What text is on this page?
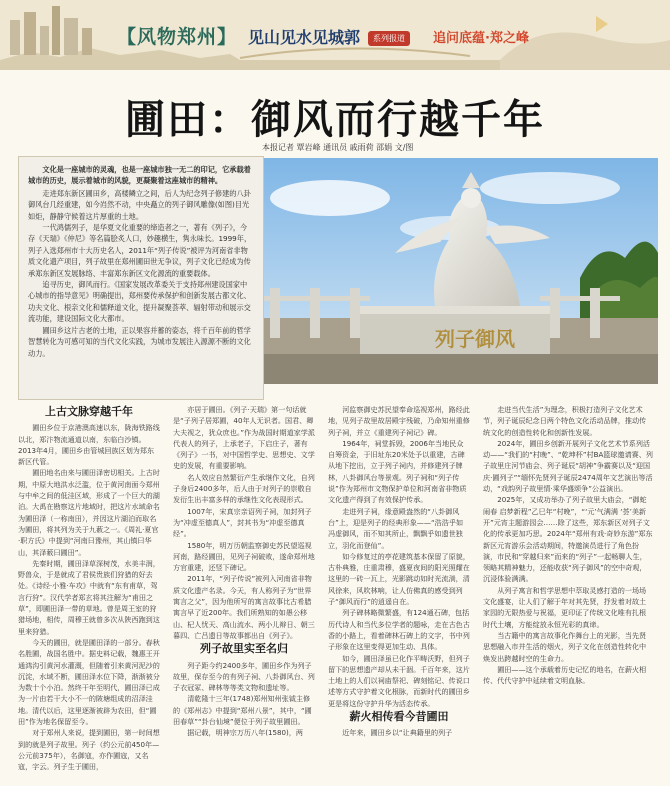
【风物郑州】 见山见水见城郭	系列报道	追问底蕴·郑之峰
圃田：御风而行越千年
本报记者 覃岩峰 通讯员 戚雨荷 邵娟 文/图
列子御风

文化是一座城市的灵魂，也是一座城市独一无二的印记，它承载着城市的历史，展示着城市的风貌，更凝聚着这座城市的精神。

走进郑东新区圃田乡，高楼鳞立之间，后人为纪念列子修建的八卦御风台几经重建，如今岿然不动，中央矗立的列子御风雕像(如图)目光如炬，静静守候着这片厚重的土地。

一代鸿儒列子，是华夏文化重要的缔造者之一，著有《列子》，今存《天瑞》《仲尼》等名篇脍炙人口，妙趣横生，隽永味长。1999年，列子入选郑州市十大历史名人，2011年“列子传说”被评为河南省非物质文化遗产项目，列子故里在郑州圃田世无争议，列子文化已经成为传承郑东新区发展脉络、丰富郑东新区文化源流的重要载体。

追寻历史，御风而行。《国家发展改革委关于支持郑州建设国家中心城市的指导意见》明确提出，郑州要传承保护和创新发展古都文化、功夫文化、根亲文化和儒释道文化，提升凝聚荟萃、辐射带动和展示交流功能，建设国际文化大都市。

圃田乡这片古老的土地，正以果容并蓄的姿态，将千百年前的哲学智慧转化为可感可知的当代文化实践，为城市发展注入源源不断的文化动力。

上古文脉穿越千年

圃田乡位于京港澳高速以东，陇海铁路线以北，郑汴物流通道以南，东临白沙镇。2013年4月，圃田乡由管城回族区划为郑东新区代管。

圃田地名由来与圃田泽密切相关。上古时期，中原大地洪水泛滥，位于黄河南面今郑州与中牟之间的低洼区域，形成了一个巨大的湖泊。大禹在勘察这片地域时，把这片水域命名为圃田泽（一称南田），并因这片湖泊而取名为圃田，将其列为关于九薮之一。《周礼·夏官·职方氏》中提到“河南曰豫州，其山镇曰华山，其泽薮曰圃田”。

先秦时期，圃田泽草深树茂，水美丰润，野兽众，于是就成了君侯贵族们狩猎的好去处。《诗经·小雅·车攻》中就有“东有甫草，驾言行狩”。汉代学者郑玄将其注解为“甫田之草”，即圃田泽一带的草地。曾是周王室的狩猎场地，相传，周穆王就曾多次从陕西跑到这里来狩猎。

今天的圃田，就是圃田泽的一部分。春秋名胜圃，战国名胜中。据史料记载，魏惠王开通鸿沟引黄河水灌溉，但随着引来黄河泥沙的沉淀，水域不断，圃田泽水位下降，渐渐被分为数十个小泊。然终干年至明代，圃田泽已成为一片由若干大小不一的陂塘组成的沼泽洼地。清代以后，这里逐渐被辟为农田，但“圃田”作为地名保留至今。

对于郑州人来说，提到圃田，第一时间想到的就是列子故里。列子（约公元前450年—公元前375年），名御寇，亦作圃寇，又名寇，字云。列子生于圃田，

亦居于圃田。《列子·天瑞》第一句话就是“子列子居郑圃，40年人无识者。国君、卿大夫视之，犹众庶也。”作为战国时期道家学派代表人的列子，上承老子，下启庄子，著有《列子》一书，对中国哲学史、思想史、文学史的发展，有重要影响。

名人效应自然繁衍产生承继作文化，自列子身后2400多年，后人由于对列子的崇敬自发衍生出丰富多样的承继性文化表现形式。

1007年，宋真宗亲诏列子祠，加封列子为“冲虚至德真人”，封其书为“冲虚至德真经”。

1580年，明万历朝监察御史苏民望巡视河南，路经圃田，见列子祠破败，遂命郑州地方官重建，还竖下碑记。

2011年，“列子传说”被列入河南省非物质文化遗产名录。今天，有人称列子为“世界寓言之父”，因为他所写的寓言故事比古希腊寓言早了近200年。我们所熟知的如愚公移山、杞人忧天、高山流水、两小儿辩日、朝三暮四、亡吕遗日等故事都出自《列子》。

列子故里实至名归

列子距今约2400多年，圃田乡作为列子故里，保存至今的有列子祠、八卦御风台、列子衣冠冢、碑林等等类文物和遗址等。

清乾隆十三年(1748)郑州知州张钺主修的《郑州志》中提到“郑州八景”，其中，“圃田春草”“卦台仙境”便位于列子故里圃田。

据记载，明神宗万历八年(1580)，两

河监察御史苏民望奉命巡视郑州，路经此地，见列子故里故居殿宇残破，乃命知州重修列子祠，并立《重建列子祠记》碑。

1964年，祠堂拆毁，2006年当地民众自筹资金，于旧址东20米处予以重建，古碑从地下挖出，立于列子祠内，并修建列子牌林，八卦御风台等景观。列子祠和“列子传说”作为郑州市文物保护单位和河南省非物质文化遗产得到了有效保护传承。

走进列子祠，缘意殿盎然的“八卦御风台”上，迎是列子的经典形象——“浩浩乎如冯虚御风，而不知其所止，飘飘乎如遗世独立，羽化而登仙”。

如今修复过的亭花建筑基本保留了原貌，古朴典雅，庄重肃穆，盛夏夜间的阳光照耀在这里的一砖一瓦上，光影跳动如时光流淌，清风徐来，风吹林响，让人仿佛真的感受到列子“御风而行”的逍遥自在。

列子碑林略微繁盛，有124通石碑，包括历代诗人和当代多位学者的题咏，走在古色古香的小路上，看着碑林石碑上的文字，书中列子形象在这里变得更加生动、具体。

如今，圃田泽虽已化作平畴沃野，但列子留下的思想遗产却从未干涸。千百年来，这片土地上的人们以祠庙祭祀、碑刻铭记、传说口述等方式守护着文化根脉，而新时代的圃田乡更是将这份守护升华为活态传承。

薪火相传看今昔圃田

近年来，圃田乡以“让典籍里的列子

走进当代生活”为理念，积极打造列子文化艺术节，列子诞辰纪念日两个特色文化活动品牌，推动传统文化的创造性转化和创新性发展。

2024年，圃田乡创新开展列子文化艺术节系列活动——“我们的“村晚”、“乾坤杯”村BA篮球邀请赛、列子故里庄河节庙会、列子诞辰“胡神”争霸赛以及“迎国庆·圃列子”“缅怀先贤列子诞辰2474周年文艺演出等活动，“戏韵列子故里情·乘华盛颂争”公益演出。

2025年，又成功举办了列子故里大庙会，“御蛇闹春 启梦新程”乙巳年“村晚”，“‘元’气满满 ‘荟’美新开”元宵主题游园会……除了这些，郑东新区对列子文化的传承更加巧思。2024年“郑州有戏·奇妙东游”郑东新区元宵游乐会活动期间，特邀演员进行了角色扮演，市民和“穿越归来”而来的“列子”一起畅聊人生，领略其精神魅力，还能收获“列子御风”的空中奇观，沉浸体验满满。

从列子寓言和哲学思想中萃取灵感打造的一场场文化盛宴，让人们了解于年对其先贤，抒发着对故土家园的无限热爱与祝福，更印证了传统文化唯有扎根时代土壤，方能绽放永恒光彩的真谛。

当古籍中的寓言故事化作舞台上的光影，当先贤思想融入市井生活的烟火，列子文化在创造性转化中焕发出跨越时空的生命力。

圃田——这个承载着历史记忆的地名，在薪火相传、代代守护中延续着文明血脉。
